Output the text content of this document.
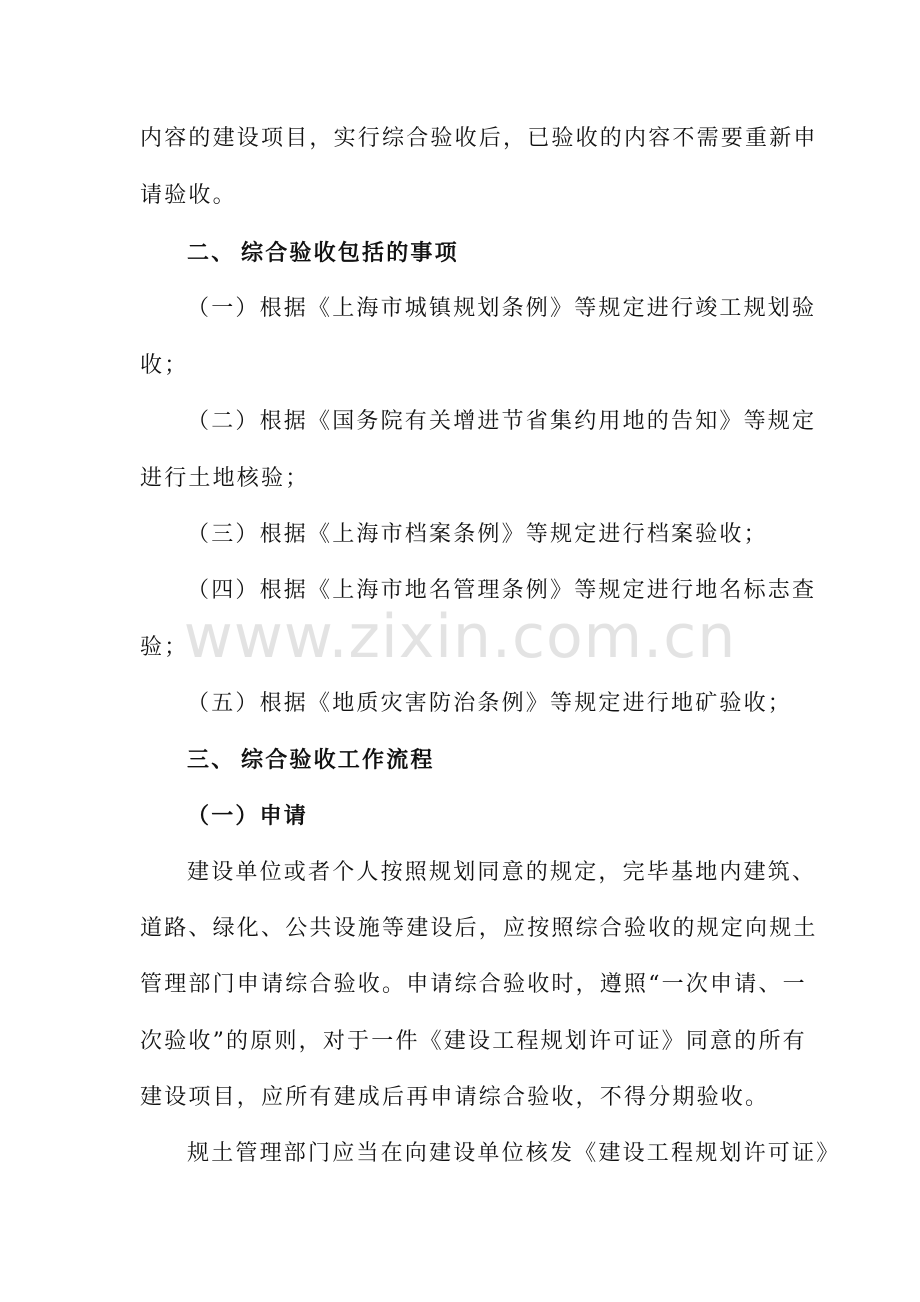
内容的建设项目，实行综合验收后，已验收的内容不需要重新申
请验收。
二、 综合验收包括的事项
（一）根据《上海市城镇规划条例》等规定进行竣工规划验
收；
（二）根据《国务院有关增进节省集约用地的告知》等规定
进行土地核验；
（三）根据《上海市档案条例》等规定进行档案验收；
（四）根据《上海市地名管理条例》等规定进行地名标志查
验；
（五）根据《地质灾害防治条例》等规定进行地矿验收；
三、 综合验收工作流程
（一）申请
建设单位或者个人按照规划同意的规定，完毕基地内建筑、
道路、绿化、公共设施等建设后，应按照综合验收的规定向规土
管理部门申请综合验收。申请综合验收时，遵照“一次申请、一
次验收”的原则，对于一件《建设工程规划许可证》同意的所有
建设项目，应所有建成后再申请综合验收，不得分期验收。
规土管理部门应当在向建设单位核发《建设工程规划许可证》
www.zixin.com.cn
